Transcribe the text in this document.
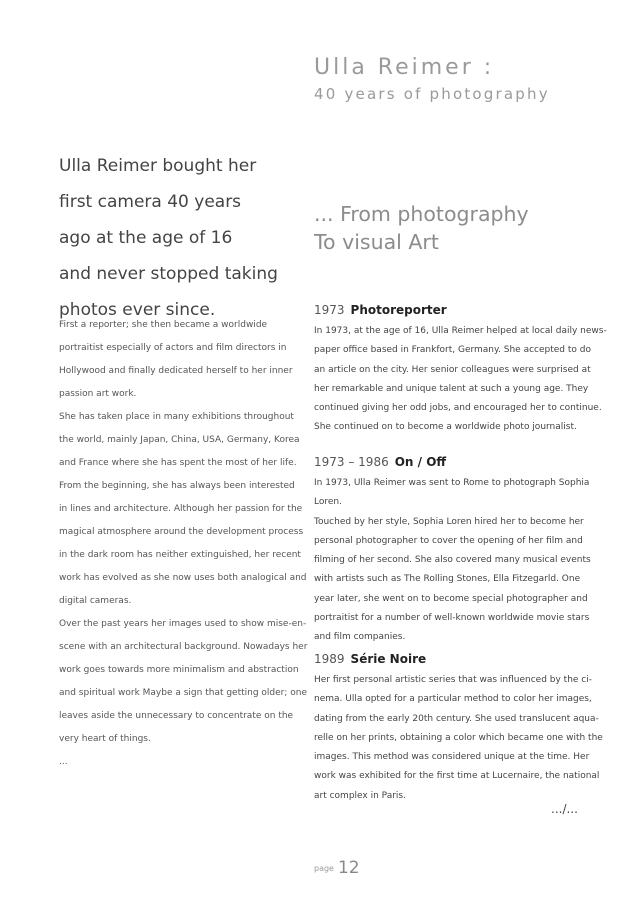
Ulla Reimer :
40 years of photography
Ulla Reimer bought her
first camera 40 years
ago at the age of 16
and never stopped taking
photos ever since.
First a reporter; she then became a worldwide
portraitist especially of actors and film directors in
Hollywood and finally dedicated herself to her inner
passion art work.
She has taken place in many exhibitions throughout
the world, mainly Japan, China, USA, Germany, Korea
and France where she has spent the most of her life.
From the beginning, she has always been interested
in lines and architecture. Although her passion for the
magical atmosphere around the development process
in the dark room has neither extinguished, her recent
work has evolved as she now uses both analogical and
digital cameras.
Over the past years her images used to show mise-en-
scene with an architectural background. Nowadays her
work goes towards more minimalism and abstraction
and spiritual work Maybe a sign that getting older; one
leaves aside the unnecessary to concentrate on the
very heart of things.
...
... From photography
To visual Art
1973 Photoreporter
In 1973, at the age of 16, Ulla Reimer helped at local daily news-
paper office based in Frankfort, Germany. She accepted to do
an article on the city. Her senior colleagues were surprised at
her remarkable and unique talent at such a young age. They
continued giving her odd jobs, and encouraged her to continue.
She continued on to become a worldwide photo journalist.
1973 – 1986 On / Off
In 1973, Ulla Reimer was sent to Rome to photograph Sophia
Loren.
Touched by her style, Sophia Loren hired her to become her
personal photographer to cover the opening of her film and
filming of her second. She also covered many musical events
with artists such as The Rolling Stones, Ella Fitzegarld. One
year later, she went on to become special photographer and
portraitist for a number of well-known worldwide movie stars
and film companies.
1989 Série Noire
Her first personal artistic series that was influenced by the ci-
nema. Ulla opted for a particular method to color her images,
dating from the early 20th century. She used translucent aqua-
relle on her prints, obtaining a color which became one with the
images. This method was considered unique at the time. Her
work was exhibited for the first time at Lucernaire, the national
art complex in Paris.
.../...
page 12
